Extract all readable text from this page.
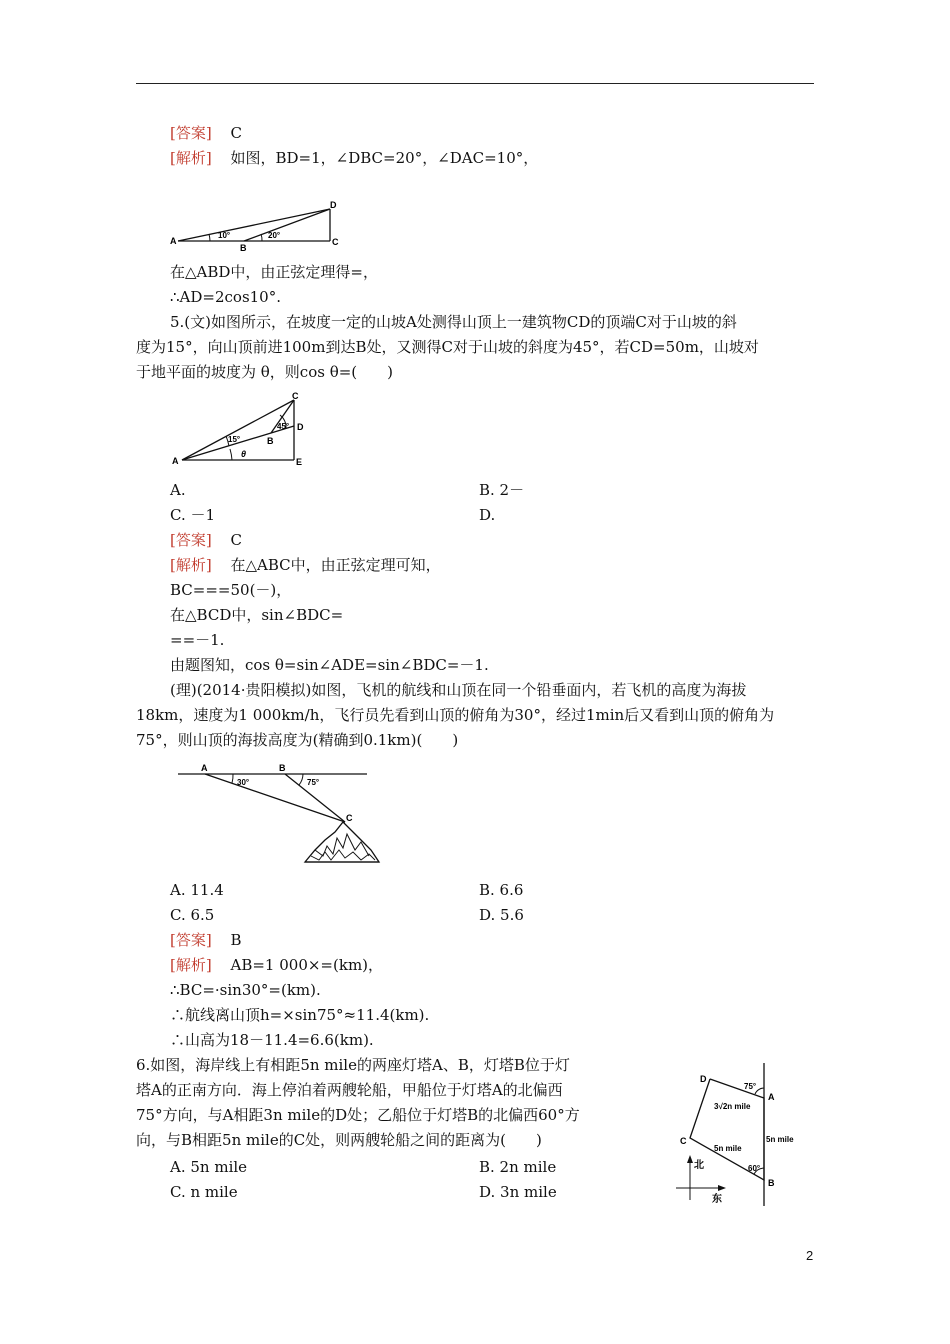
[答案] C
[解析] 如图，BD=1，∠DBC=20°，∠DAC=10°，
A
B
C
D
10°	20°
在△ABD中，由正弦定理得=，
∴AD=2cos10°.
5.(文)如图所示，在坡度一定的山坡A处测得山顶上一建筑物CD的顶端C对于山坡的斜
度为15°，向山顶前进100m到达B处，又测得C对于山坡的斜度为45°，若CD=50m，山坡对
于地平面的坡度为 θ，则cos θ=(　　)
A
B
C
D
E
15°
45°
θ
A.	B. 2－
C. －1	D.
[答案] C
[解析] 在△ABC中，由正弦定理可知，
BC===50(－)，
在△BCD中，sin∠BDC=
==－1.
由题图知，cos θ=sin∠ADE=sin∠BDC=－1.
(理)(2014·贵阳模拟)如图，飞机的航线和山顶在同一个铅垂面内，若飞机的高度为海拔
18km，速度为1 000km/h，飞行员先看到山顶的俯角为30°，经过1min后又看到山顶的俯角为
75°，则山顶的海拔高度为(精确到0.1km)(　　)
A	B
C
30°	75°
A. 11.4	B. 6.6
C. 6.5	D. 5.6
[答案] B
[解析] AB=1 000×=(km)，
∴BC=·sin30°=(km).
∴航线离山顶h=×sin75°≈11.4(km).
∴山高为18－11.4=6.6(km).
6.如图，海岸线上有相距5n mile的两座灯塔A、B，灯塔B位于灯
塔A的正南方向．海上停泊着两艘轮船，甲船位于灯塔A的北偏西
75°方向，与A相距3n mile的D处；乙船位于灯塔B的北偏西60°方
向，与B相距5n mile的C处，则两艘轮船之间的距离为(　　)
A. 5n mile	B. 2n mile
C. n mile	D. 3n mile
D
A
C
B
75°
60°
3√2n mile
5n mile
5n mile
北
东
2
